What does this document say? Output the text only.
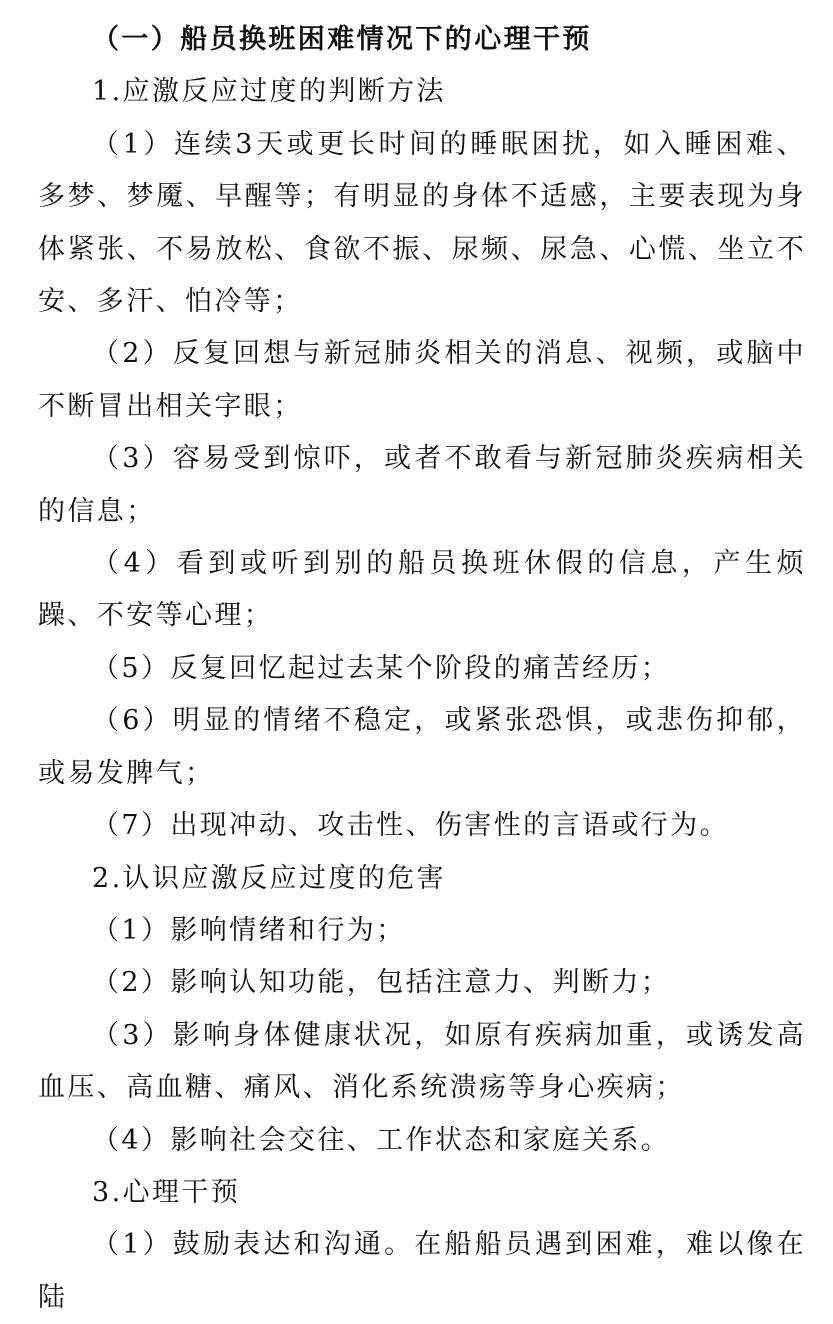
（一）船员换班困难情况下的心理干预

1.应激反应过度的判断方法

（1）连续3天或更长时间的睡眠困扰，如入睡困难、多梦、梦魇、早醒等；有明显的身体不适感，主要表现为身体紧张、不易放松、食欲不振、尿频、尿急、心慌、坐立不安、多汗、怕冷等；

（2）反复回想与新冠肺炎相关的消息、视频，或脑中不断冒出相关字眼；

（3）容易受到惊吓，或者不敢看与新冠肺炎疾病相关的信息；

（4）看到或听到别的船员换班休假的信息，产生烦躁、不安等心理；

（5）反复回忆起过去某个阶段的痛苦经历；

（6）明显的情绪不稳定，或紧张恐惧，或悲伤抑郁，或易发脾气；

（7）出现冲动、攻击性、伤害性的言语或行为。

2.认识应激反应过度的危害

（1）影响情绪和行为；

（2）影响认知功能，包括注意力、判断力；

（3）影响身体健康状况，如原有疾病加重，或诱发高血压、高血糖、痛风、消化系统溃疡等身心疾病；

（4）影响社会交往、工作状态和家庭关系。

3.心理干预

（1）鼓励表达和沟通。在船船员遇到困难，难以像在陆
